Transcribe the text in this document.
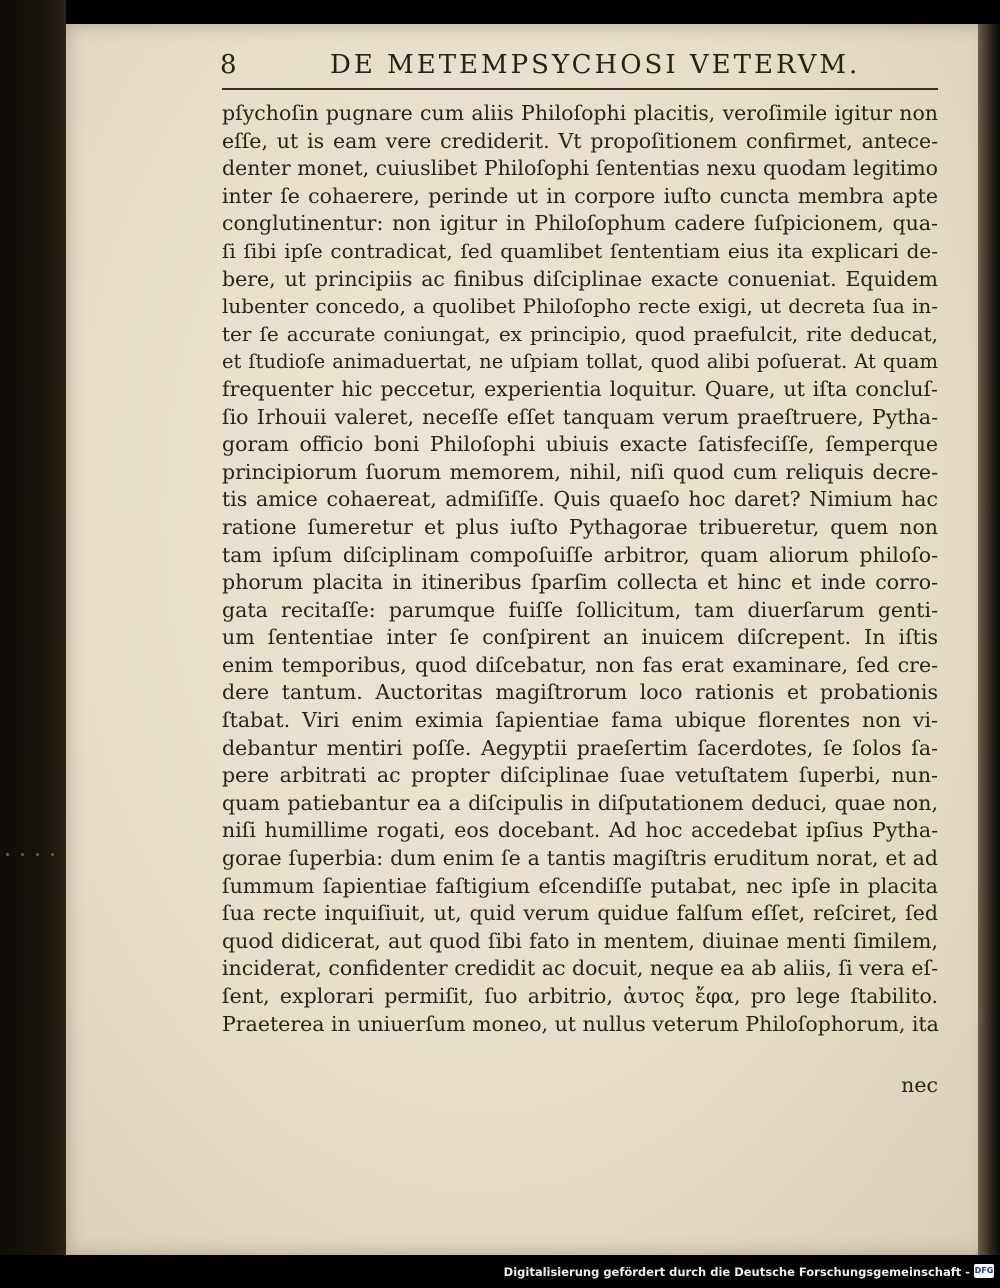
8	DE METEMPSYCHOSI VETERVM.
pſychoſin pugnare cum aliis Philoſophi placitis, veroſimile igitur non
eſſe, ut is eam vere crediderit. Vt propoſitionem confirmet, antece-
denter monet, cuiuslibet Philoſophi ſententias nexu quodam legitimo
inter ſe cohaerere, perinde ut in corpore iuſto cuncta membra apte
conglutinentur: non igitur in Philoſophum cadere ſuſpicionem, qua-
ſi ſibi ipſe contradicat, ſed quamlibet ſententiam eius ita explicari de-
bere, ut principiis ac finibus diſciplinae exacte conueniat. Equidem
lubenter concedo, a quolibet Philoſopho recte exigi, ut decreta ſua in-
ter ſe accurate coniungat, ex principio, quod praefulcit, rite deducat,
et ſtudioſe animaduertat, ne uſpiam tollat, quod alibi poſuerat. At quam
frequenter hic peccetur, experientia loquitur. Quare, ut iſta concluſ-
ſio Irhouii valeret, neceſſe eſſet tanquam verum praeſtruere, Pytha-
goram officio boni Philoſophi ubiuis exacte ſatisfeciſſe, ſemperque
principiorum ſuorum memorem, nihil, niſi quod cum reliquis decre-
tis amice cohaereat, admiſiſſe. Quis quaeſo hoc daret? Nimium hac
ratione ſumeretur et plus iuſto Pythagorae tribueretur, quem non
tam ipſum diſciplinam compoſuiſſe arbitror, quam aliorum philoſo-
phorum placita in itineribus ſparſim collecta et hinc et inde corro-
gata recitaſſe: parumque fuiſſe ſollicitum, tam diuerſarum genti-
um ſententiae inter ſe conſpirent an inuicem diſcrepent. In iſtis
enim temporibus, quod diſcebatur, non fas erat examinare, ſed cre-
dere tantum. Auctoritas magiſtrorum loco rationis et probationis
ſtabat. Viri enim eximia ſapientiae fama ubique florentes non vi-
debantur mentiri poſſe. Aegyptii praeſertim ſacerdotes, ſe ſolos ſa-
pere arbitrati ac propter diſciplinae ſuae vetuſtatem ſuperbi, nun-
quam patiebantur ea a diſcipulis in diſputationem deduci, quae non,
niſi humillime rogati, eos docebant. Ad hoc accedebat ipſius Pytha-
gorae ſuperbia: dum enim ſe a tantis magiſtris eruditum norat, et ad
ſummum ſapientiae faſtigium eſcendiſſe putabat, nec ipſe in placita
ſua recte inquiſiuit, ut, quid verum quidue falſum eſſet, reſciret, ſed
quod didicerat, aut quod ſibi fato in mentem, diuinae menti ſimilem,
inciderat, confidenter credidit ac docuit, neque ea ab aliis, ſi vera eſ-
ſent, explorari permiſit, ſuo arbitrio, ἀυτος ἔφα, pro lege ſtabilito.
Praeterea in uniuerſum moneo, ut nullus veterum Philoſophorum, ita
nec
Digitalisierung gefördert durch die Deutsche Forschungsgemeinschaft - DFG
